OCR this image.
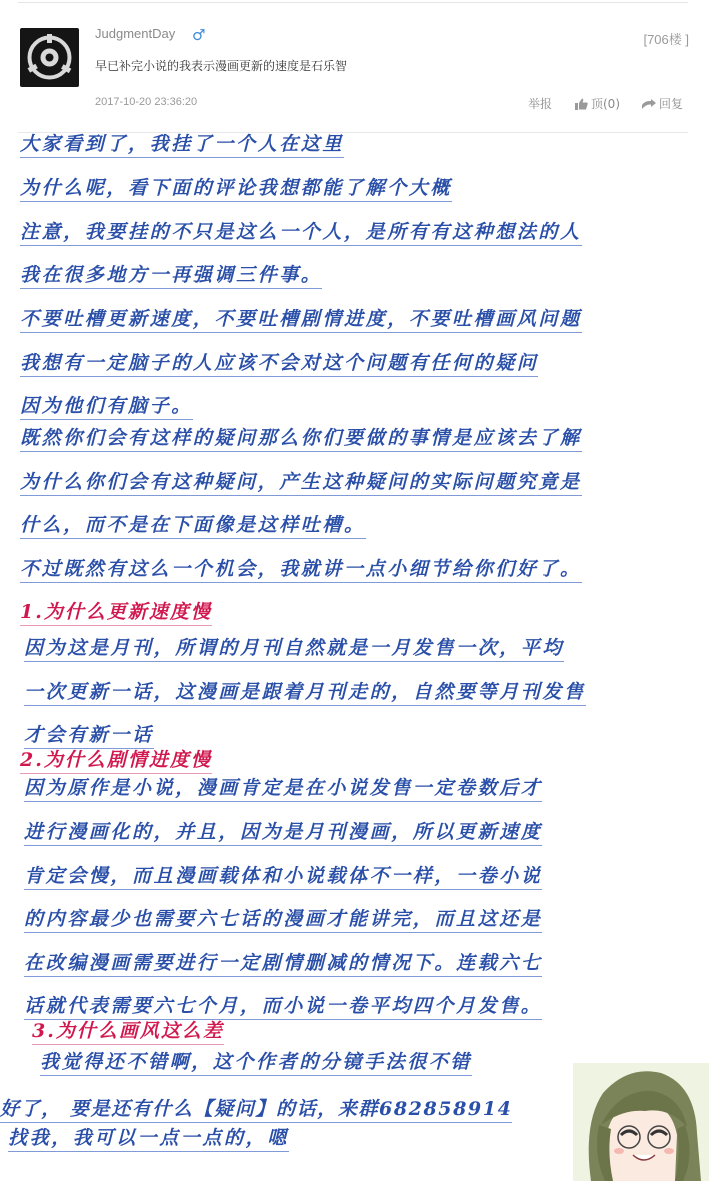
JudgmentDay ♂	[706楼 ]
早已补完小说的我表示漫画更新的速度是石乐智
2017-10-20 23:36:20	举报	顶(0)	回复
大家看到了，我挂了一个人在这里
为什么呢，看下面的评论我想都能了解个大概
注意，我要挂的不只是这么一个人，是所有有这种想法的人
我在很多地方一再强调三件事。
不要吐槽更新速度，不要吐槽剧情进度，不要吐槽画风问题
我想有一定脑子的人应该不会对这个问题有任何的疑问
因为他们有脑子。
既然你们会有这样的疑问那么你们要做的事情是应该去了解
为什么你们会有这种疑问，产生这种疑问的实际问题究竟是
什么，而不是在下面像是这样吐槽。
不过既然有这么一个机会，我就讲一点小细节给你们好了。
1.为什么更新速度慢
因为这是月刊，所谓的月刊自然就是一月发售一次，平均
一次更新一话，这漫画是跟着月刊走的，自然要等月刊发售
才会有新一话
2.为什么剧情进度慢
因为原作是小说，漫画肯定是在小说发售一定卷数后才
进行漫画化的，并且，因为是月刊漫画，所以更新速度
肯定会慢，而且漫画载体和小说载体不一样，一卷小说
的内容最少也需要六七话的漫画才能讲完，而且这还是
在改编漫画需要进行一定剧情删减的情况下。连载六七
话就代表需要六七个月，而小说一卷平均四个月发售。
3.为什么画风这么差
我觉得还不错啊，这个作者的分镜手法很不错
好了， 要是还有什么【疑问】的话，来群682858914
找我，我可以一点一点的，嗯
